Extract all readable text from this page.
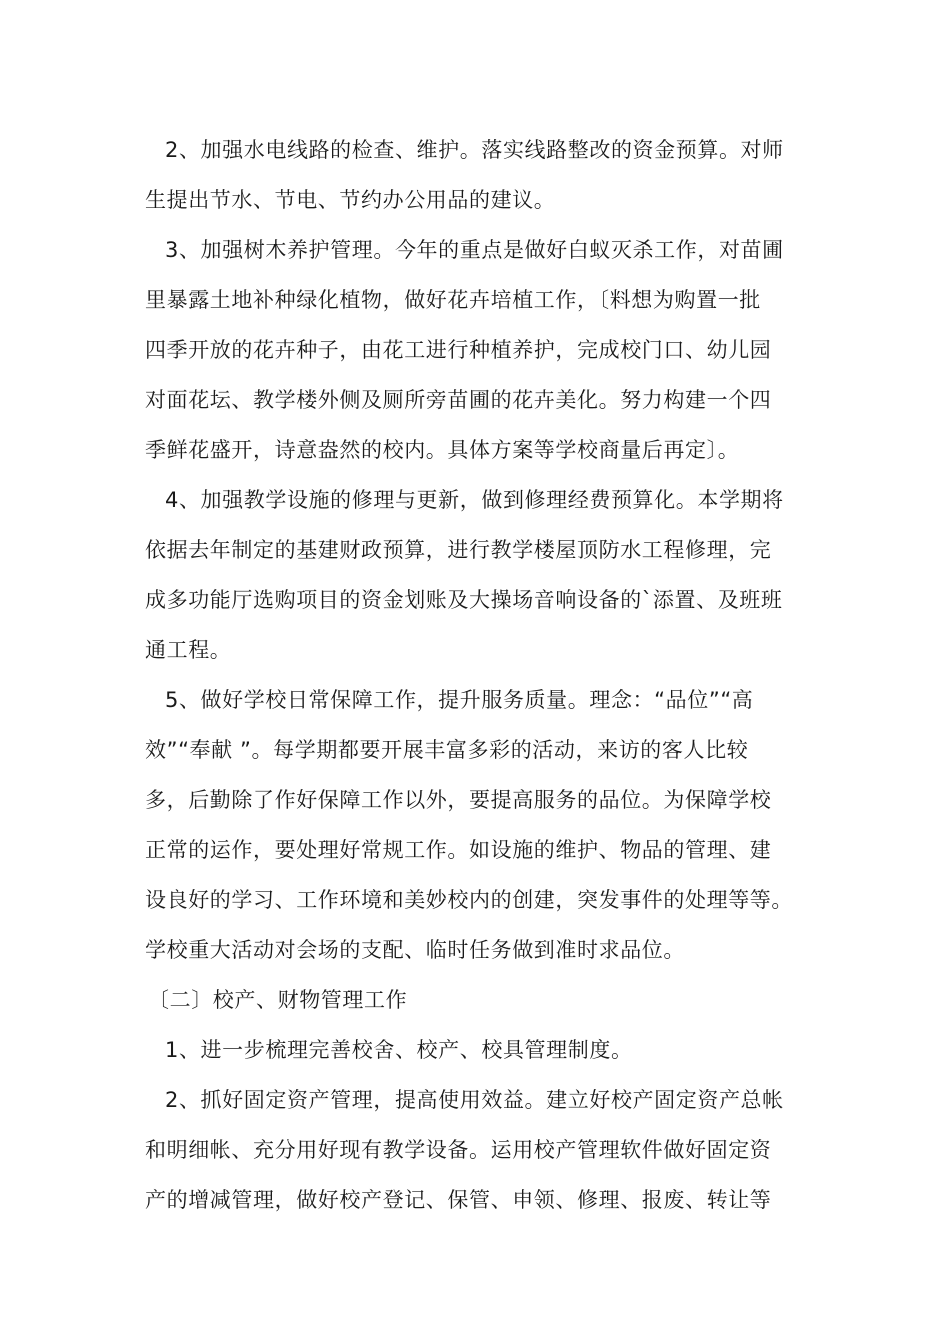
2、加强水电线路的检查、维护。落实线路整改的资金预算。对师

生提出节水、节电、节约办公用品的建议。

3、加强树木养护管理。今年的重点是做好白蚁灭杀工作，对苗圃

里暴露土地补种绿化植物，做好花卉培植工作，〔料想为购置一批

四季开放的花卉种子，由花工进行种植养护，完成校门口、幼儿园

对面花坛、教学楼外侧及厕所旁苗圃的花卉美化。努力构建一个四

季鲜花盛开，诗意盎然的校内。具体方案等学校商量后再定〕。

4、加强教学设施的修理与更新，做到修理经费预算化。本学期将

依据去年制定的基建财政预算，进行教学楼屋顶防水工程修理，完

成多功能厅选购项目的资金划账及大操场音响设备的`添置、及班班

通工程。

5、做好学校日常保障工作，提升服务质量。理念：“品位”“高

效”“奉献 ”。每学期都要开展丰富多彩的活动，来访的客人比较

多，后勤除了作好保障工作以外，要提高服务的品位。为保障学校

正常的运作，要处理好常规工作。如设施的维护、物品的管理、建

设良好的学习、工作环境和美妙校内的创建，突发事件的处理等等。

学校重大活动对会场的支配、临时任务做到准时求品位。

〔二〕校产、财物管理工作

1、进一步梳理完善校舍、校产、校具管理制度。

2、抓好固定资产管理，提高使用效益。建立好校产固定资产总帐

和明细帐、充分用好现有教学设备。运用校产管理软件做好固定资

产的增减管理，做好校产登记、保管、申领、修理、报废、转让等
